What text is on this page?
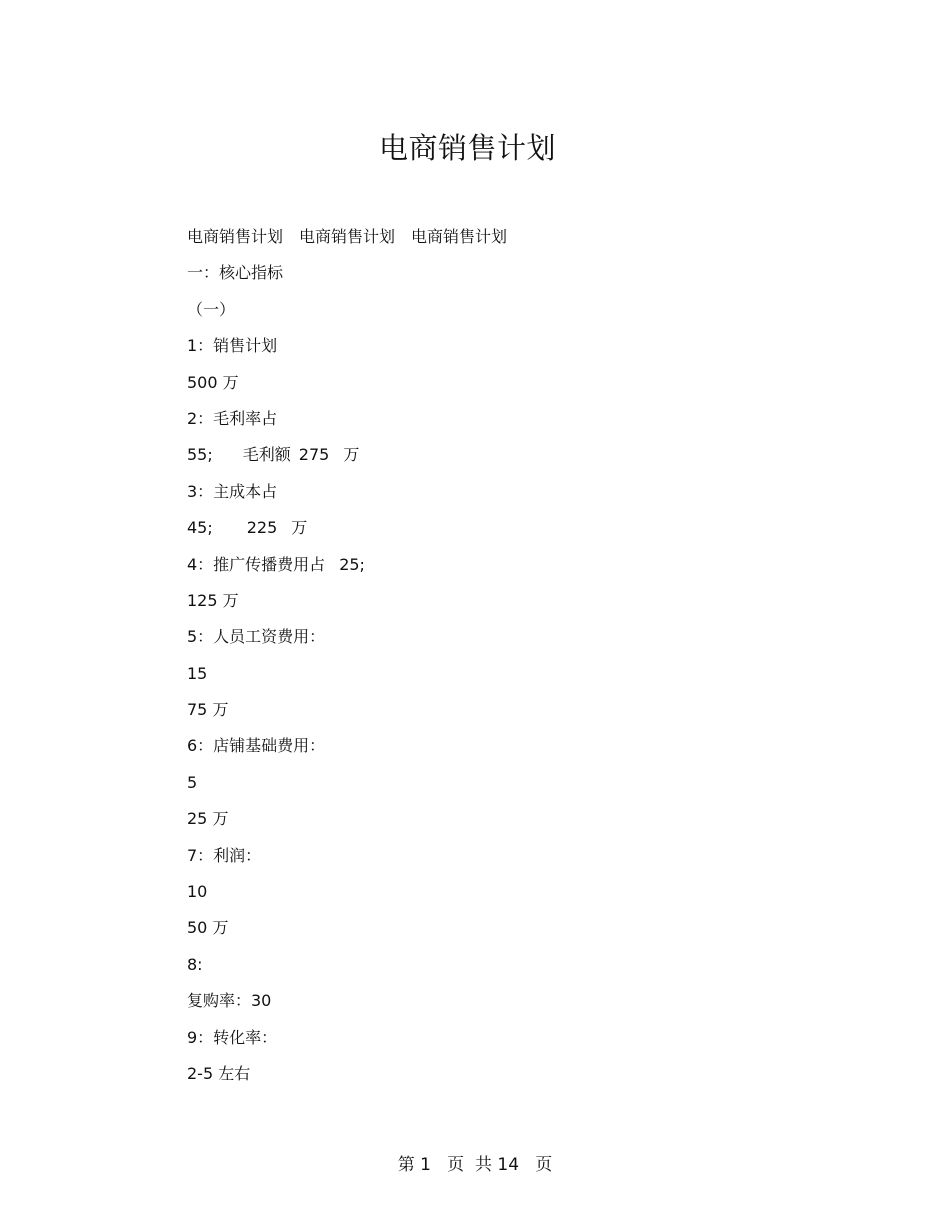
电商销售计划
电商销售计划 电商销售计划 电商销售计划
一：核心指标
（一）
1：销售计划
500 万
2：毛利率占
55; 毛利额 275 万
3：主成本占
45; 225 万
4：推广传播费用占 25;
125 万
5：人员工资费用：
15
75 万
6：店铺基础费用：
5
25 万
7：利润：
10
50 万
8:
复购率：30
9：转化率：
2-5 左右
第 1   页  共 14   页
